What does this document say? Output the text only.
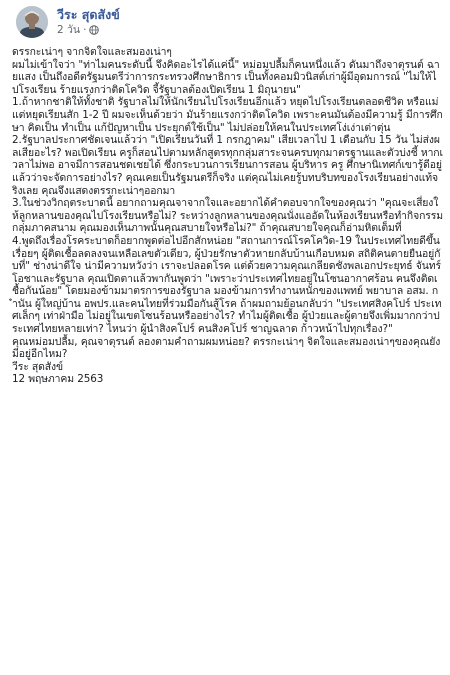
วีระ สุดสังข์
2 วัน ·

ดรรกะเน่าๆ จากจิตใจและสมองเน่าๆ

ผมไม่เข้าใจว่า "ท่าไมคนระดับนี้ จึงคิดอะไรได้แค่นี้" หม่อมปลื้มก็คนหนึ่งแล้ว ดันมาถึงจาตุรนต์ ฉายแสง เป็นถึงอดีตรัฐมนตรีว่าการกระทรวงศึกษาธิการ เป็นทั้งคอมมิวนิสต์เก่าผู้มีอุดมการณ์ "ไม่ให้ไปโรงเรียน ร้ายแรงกว่าติดโควิด จี้รัฐบาลต้องเปิดเรียน 1 มิถุนายน"

1.ถ้าหากชาติให้ทั้งชาติ รัฐบาลไม่ให้นักเรียนไปโรงเรียนอีกแล้ว หยุดไปโรงเรียนตลอดชีวิต หรือแม่แต่หยุดเรียนสัก 1-2 ปี ผมจะเห็นด้วยว่า มันร้ายแรงกว่าติดโควิด เพราะคนมันต้องมีความรู้ มีการศึกษา คิดเป็น ทำเป็น แก้ปัญหาเป็น ประยุกต์ใช้เป็น" ไม่ปล่อยให้คนในประเทศโง่เง่าเต่าตุ่น

2.รัฐบาลประกาศชัดเจนแล้วว่า "เปิดเรียนวันที่ 1 กรกฎาคม" เสียเวลาไป 1 เดือนกับ 15 วัน ไม่ส่งผลเสียอะไร? พอเปิดเรียน ครูก็สอนไปตามหลักสูตรทุกกลุ่มสาระจนครบทุกมาตรฐานและตัวบ่งชี้ หากเวลาไม่พอ อาจมีการสอนชดเชยได้ ซึ่งกระบวนการเรียนการสอน ผู้บริหาร ครู ศึกษานิเทศก์เขารู้ดีอยู่แล้วว่าจะจัดการอย่างไร? คุณเคยเป็นรัฐมนตรีก็จริง แต่คุณไม่เคยรู้บทบริบทของโรงเรียนอย่างแท้จริงเลย คุณจึงแสดงตรรกะเน่าๆออกมา

3.ในช่วงวิกฤตระบาดนี้ อยากถามคุณจาจากใจและอยากได้คำตอบจากใจของคุณว่า "คุณจะเสี่ยงให้ลูกหลานของคุณไปโรงเรียนหรือไม่? ระหว่างลูกหลานของคุณนั่งแออัดในห้องเรียนหรือทำกิจกรรมกลุ่มภาคสนาม คุณมองเห็นภาพนั้นคุณสบายใจหรือไม่?" ถ้าคุณสบายใจคุณก็อ่ามหิตเต็มที่

4.พูดถึงเรื่องโรคระบาดก็อยากพูดต่อไปอีกสักหน่อย "สถานการณ์โรคโควิด-19 ในประเทศไทยดีขึ้นเรื่อยๆ ผู้ติดเชื้อลดลงจนเหลือเลขตัวเดียว, ผู้ป่วยรักษาตัวหายกลับบ้านเกือบหมด สถิติคนตายยืนอยู่กับที่" ช่างน่าดีใจ น่ามีความหวังว่า เราจะปลอดโรค แต่ด้วยความคุณเกลียดชังพลเอกประยุทธ์ จันทร์โอชาและรัฐบาล คุณเปิดตาแล้วพากันพูดว่า "เพราะว่าประเทศไทยอยู่ในโซนอากาศร้อน คนจึงติดเชื้อกันน้อย" โดยมองข้ามมาตรการของรัฐบาล มองข้ามการทำงานหนักของแพทย์ พยาบาล อสม. กำนัน ผู้ใหญ่บ้าน อพปร.และคนไทยที่ร่วมมือกันสู้โรค ถ้าผมถามย้อนกลับว่า "ประเทศสิงคโปร์ ประเทศเล็กๆ เท่าฝ่ามือ ไม่อยู่ในเขตโซนร้อนหรืออย่างไร? ทำไมผู้ติดเชื้อ ผู้ป่วยและผู้ตายจึงเพิ่มมากกว่าประเทศไทยหลายเท่า? ไหนว่า ผู้นำสิงคโปร์ คนสิงคโปร์ ชาญฉลาด ก้าวหน้าไปทุกเรื่อง?"

คุณหม่อมปลื้ม, คุณจาตุรนต์ ลองตามคำถามผมหน่อย? ตรรกะเน่าๆ จิตใจและสมองเน่าๆของคุณยังมีอยู่อีกไหม?

วีระ สุดสังข์

12 พฤษภาคม 2563
